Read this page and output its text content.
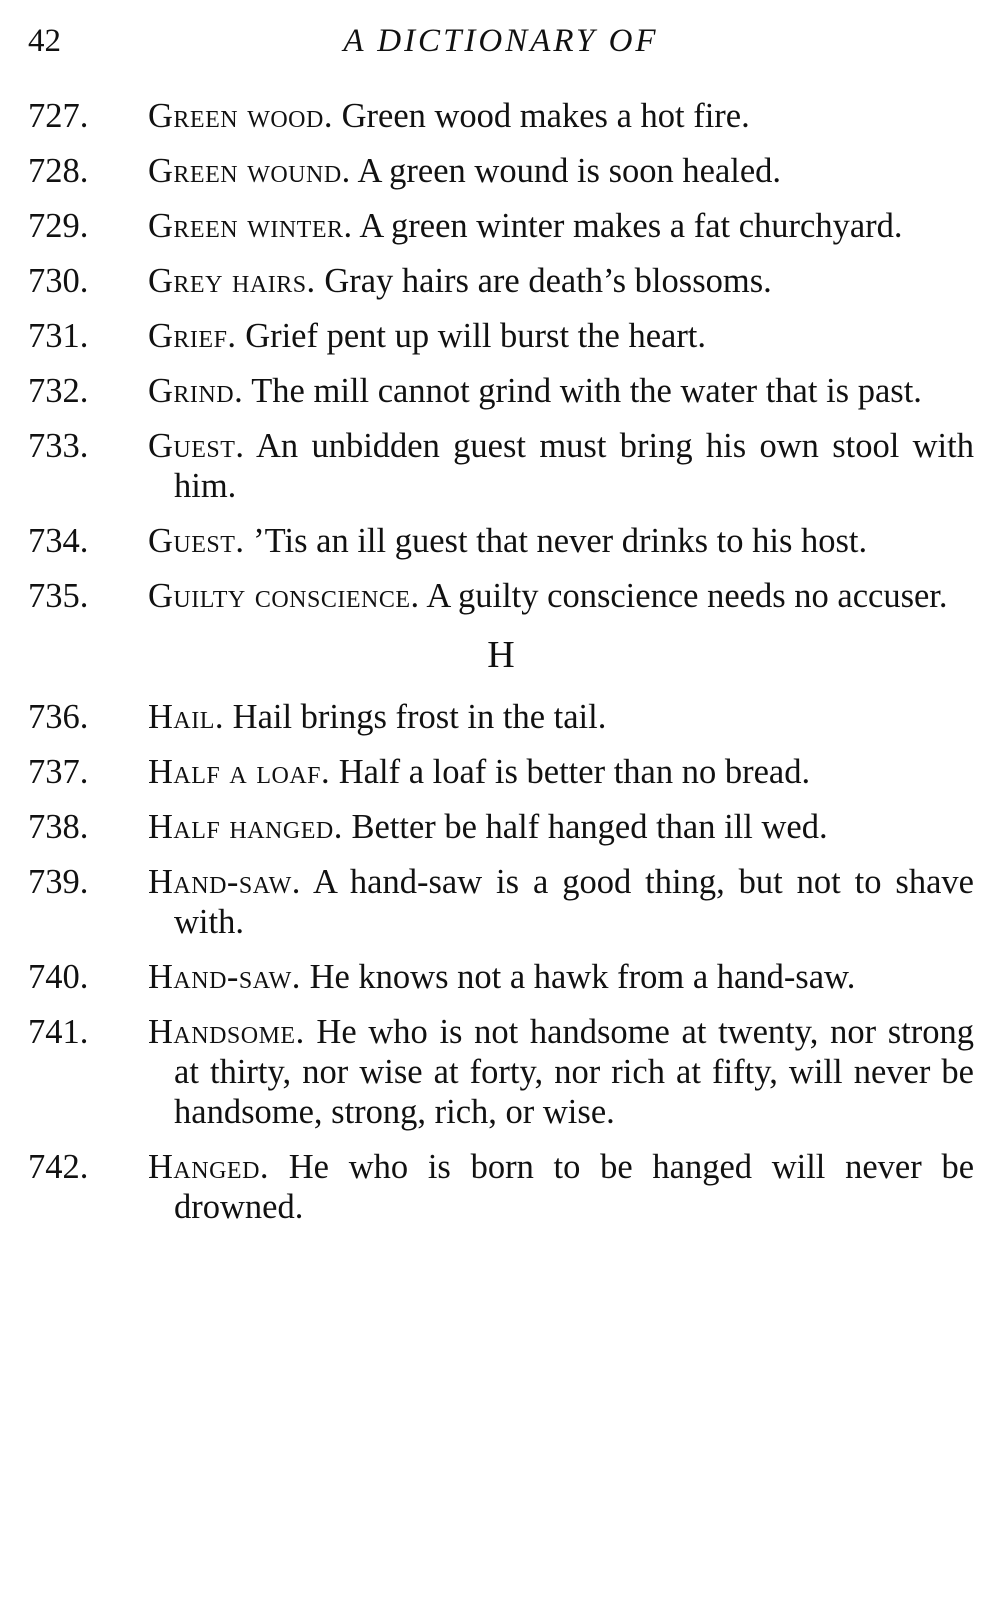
42	A DICTIONARY OF
727.	Green wood. Green wood makes a hot fire.
728.	Green wound. A green wound is soon healed.
729.	Green winter. A green winter makes a fat churchyard.
730.	Grey hairs. Gray hairs are death’s blossoms.
731.	Grief. Grief pent up will burst the heart.
732.	Grind. The mill cannot grind with the water that is past.
733.	Guest. An unbidden guest must bring his own stool with him.
734.	Guest. ’Tis an ill guest that never drinks to his host.
735.	Guilty conscience. A guilty conscience needs no accuser.
H
736.	Hail. Hail brings frost in the tail.
737.	Half a loaf. Half a loaf is better than no bread.
738.	Half hanged. Better be half hanged than ill wed.
739.	Hand-saw. A hand-saw is a good thing, but not to shave with.
740.	Hand-saw. He knows not a hawk from a hand-saw.
741.	Handsome. He who is not handsome at twenty, nor strong at thirty, nor wise at forty, nor rich at fifty, will never be handsome, strong, rich, or wise.
742.	Hanged. He who is born to be hanged will never be drowned.
